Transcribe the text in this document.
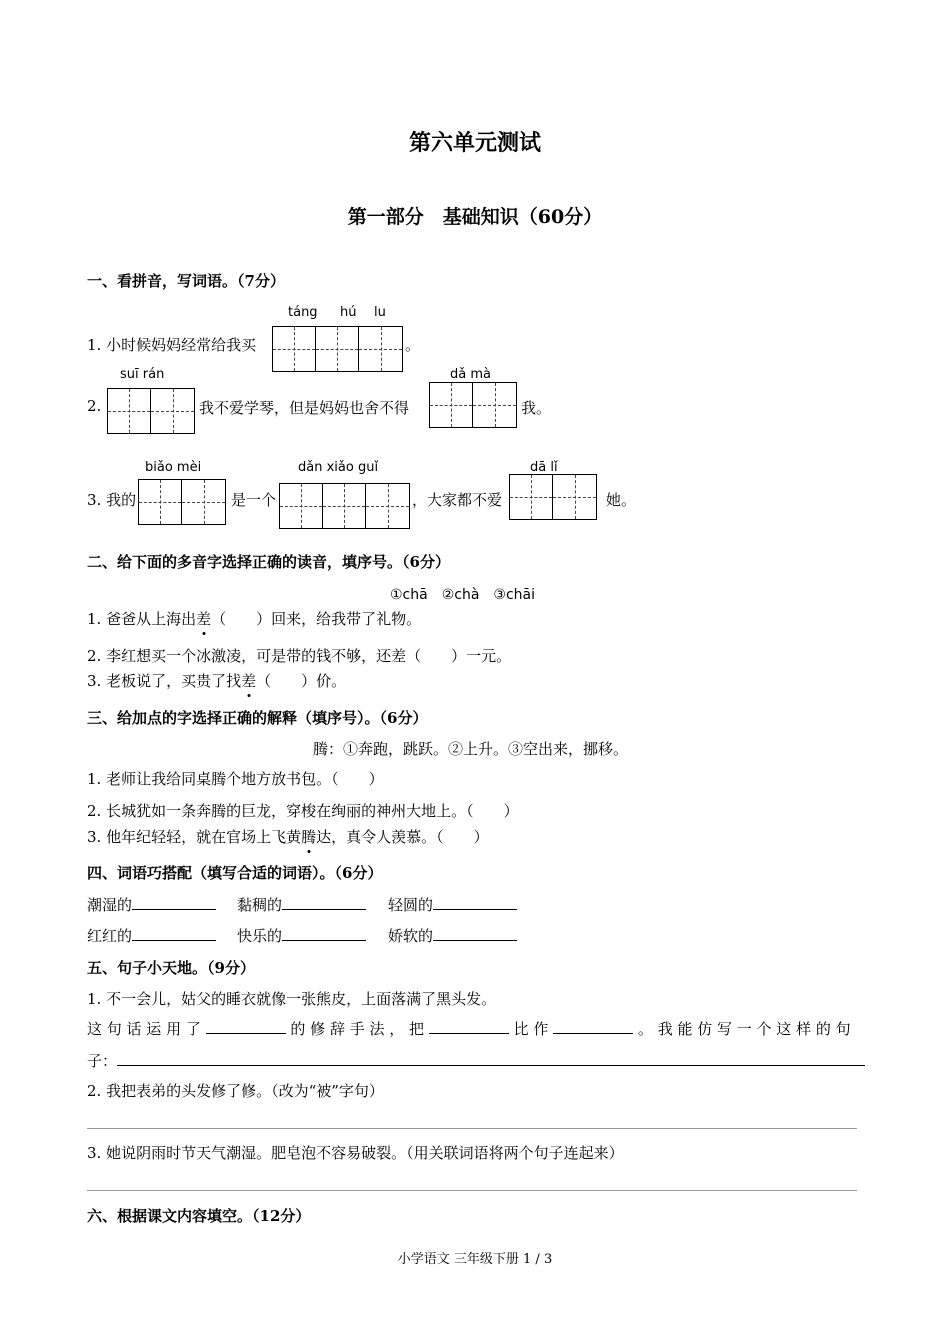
第六单元测试
第一部分　基础知识（60分）
一、看拼音，写词语。（7分）
táng hú lu
1. 小时候妈妈经常给我买	。
suī rán	dǎ mà
2.	我不爱学琴，但是妈妈也舍不得	我。
biǎo mèi	dǎn xiǎo guǐ	dā lǐ
3. 我的	是一个	，大家都不爱	她。
二、给下面的多音字选择正确的读音，填序号。（6分）
①chā　②chà　③chāi
1. 爸爸从上海出差（　　）回来，给我带了礼物。
2. 李红想买一个冰激凌，可是带的钱不够，还差（　　）一元。
3. 老板说了，买贵了找差（　　）价。
三、给加点的字选择正确的解释（填序号）。（6分）
腾：①奔跑，跳跃。②上升。③空出来，挪移。
1. 老师让我给同桌腾个地方放书包。（　　）
2. 长城犹如一条奔腾的巨龙，穿梭在绚丽的神州大地上。（　　）
3. 他年纪轻轻，就在官场上飞黄腾达，真令人羡慕。（　　）
四、词语巧搭配（填写合适的词语）。（6分）
潮湿的	黏稠的	轻圆的
红红的	快乐的	娇软的
五、句子小天地。（9分）
1. 不一会儿，姑父的睡衣就像一张熊皮，上面落满了黑头发。
这 句 话 运 用 了	的 修 辞 手 法 ， 把	比 作	。 我 能 仿 写 一 个 这 样 的 句
子：
2. 我把表弟的头发修了修。（改为“被”字句）
3. 她说阴雨时节天气潮湿。肥皂泡不容易破裂。（用关联词语将两个句子连起来）
六、根据课文内容填空。（12分）
小学语文 三年级下册 1 / 3
